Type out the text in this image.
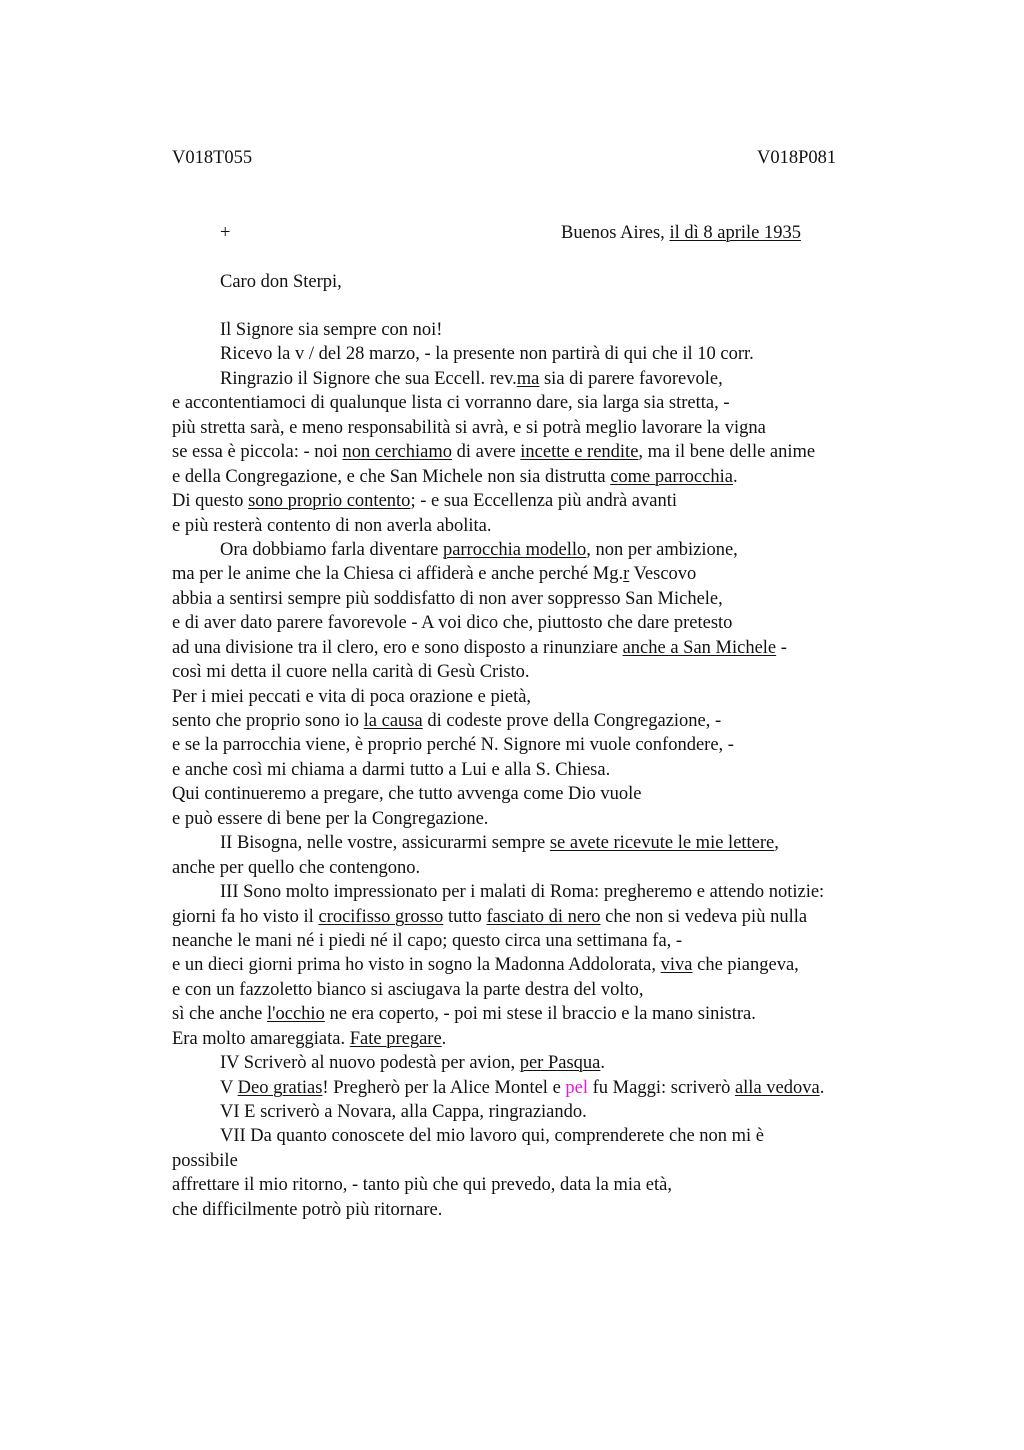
V018T055	V018P081
+	Buenos Aires, il dì 8 aprile 1935
Caro don Sterpi,
Il Signore sia sempre con noi!
Ricevo la v / del 28 marzo, - la presente non partirà di qui che il 10 corr.
Ringrazio il Signore che sua Eccell. rev.ma sia di parere favorevole,
e accontentiamoci di qualunque lista ci vorranno dare, sia larga sia stretta, -
più stretta sarà, e meno responsabilità si avrà, e si potrà meglio lavorare la vigna
se essa è piccola: - noi non cerchiamo di avere incette e rendite, ma il bene delle anime
e della Congregazione, e che San Michele non sia distrutta come parrocchia.
Di questo sono proprio contento; - e sua Eccellenza più andrà avanti
e più resterà contento di non averla abolita.
Ora dobbiamo farla diventare parrocchia modello, non per ambizione,
ma per le anime che la Chiesa ci affiderà e anche perché Mg.r Vescovo
abbia a sentirsi sempre più soddisfatto di non aver soppresso San Michele,
e di aver dato parere favorevole - A voi dico che, piuttosto che dare pretesto
ad una divisione tra il clero, ero e sono disposto a rinunziare anche a San Michele -
così mi detta il cuore nella carità di Gesù Cristo.
Per i miei peccati e vita di poca orazione e pietà,
sento che proprio sono io la causa di codeste prove della Congregazione, -
e se la parrocchia viene, è proprio perché N. Signore mi vuole confondere, -
e anche così mi chiama a darmi tutto a Lui e alla S. Chiesa.
Qui continueremo a pregare, che tutto avvenga come Dio vuole
e può essere di bene per la Congregazione.
II Bisogna, nelle vostre, assicurarmi sempre se avete ricevute le mie lettere,
anche per quello che contengono.
III Sono molto impressionato per i malati di Roma: pregheremo e attendo notizie:
giorni fa ho visto il crocifisso grosso tutto fasciato di nero che non si vedeva più nulla
neanche le mani né i piedi né il capo; questo circa una settimana fa, -
e un dieci giorni prima ho visto in sogno la Madonna Addolorata, viva che piangeva,
e con un fazzoletto bianco si asciugava la parte destra del volto,
sì che anche l'occhio ne era coperto, - poi mi stese il braccio e la mano sinistra.
Era molto amareggiata. Fate pregare.
IV Scriverò al nuovo podestà per avion, per Pasqua.
V Deo gratias! Pregherò per la Alice Montel e pel fu Maggi: scriverò alla vedova.
VI E scriverò a Novara, alla Cappa, ringraziando.
VII Da quanto conoscete del mio lavoro qui, comprenderete che non mi è
possibile
affrettare il mio ritorno, - tanto più che qui prevedo, data la mia età,
che difficilmente potrò più ritornare.
